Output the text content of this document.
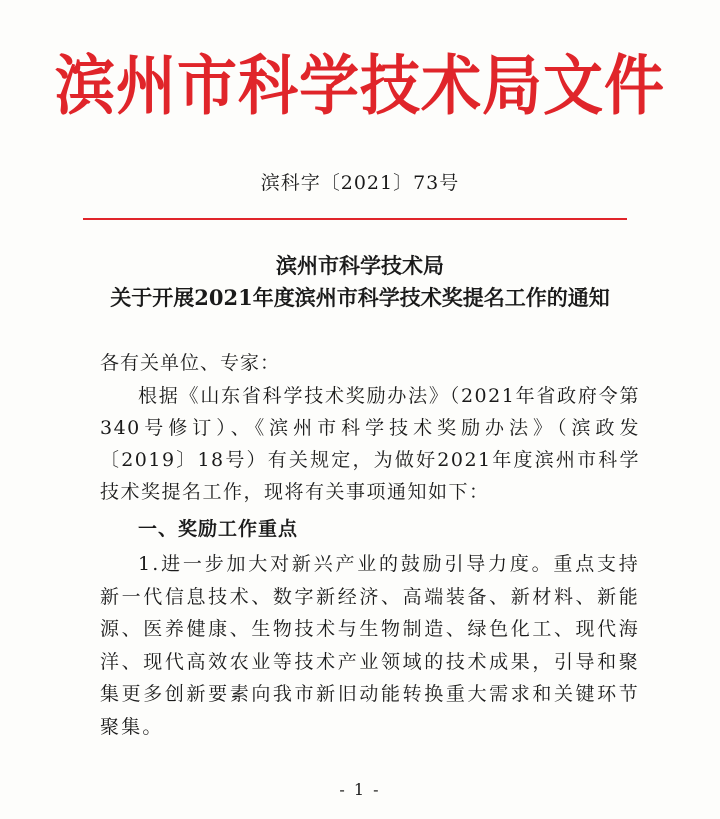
滨州市科学技术局文件
滨科字〔2021〕73号
滨州市科学技术局
关于开展2021年度滨州市科学技术奖提名工作的通知
各有关单位、专家：
根据《山东省科学技术奖励办法》（2021年省政府令第340号修订）、《滨州市科学技术奖励办法》（滨政发〔2019〕18号）有关规定，为做好2021年度滨州市科学技术奖提名工作，现将有关事项通知如下：
一、奖励工作重点
1.进一步加大对新兴产业的鼓励引导力度。重点支持新一代信息技术、数字新经济、高端装备、新材料、新能源、医养健康、生物技术与生物制造、绿色化工、现代海洋、现代高效农业等技术产业领域的技术成果，引导和聚集更多创新要素向我市新旧动能转换重大需求和关键环节聚集。
- 1 -
